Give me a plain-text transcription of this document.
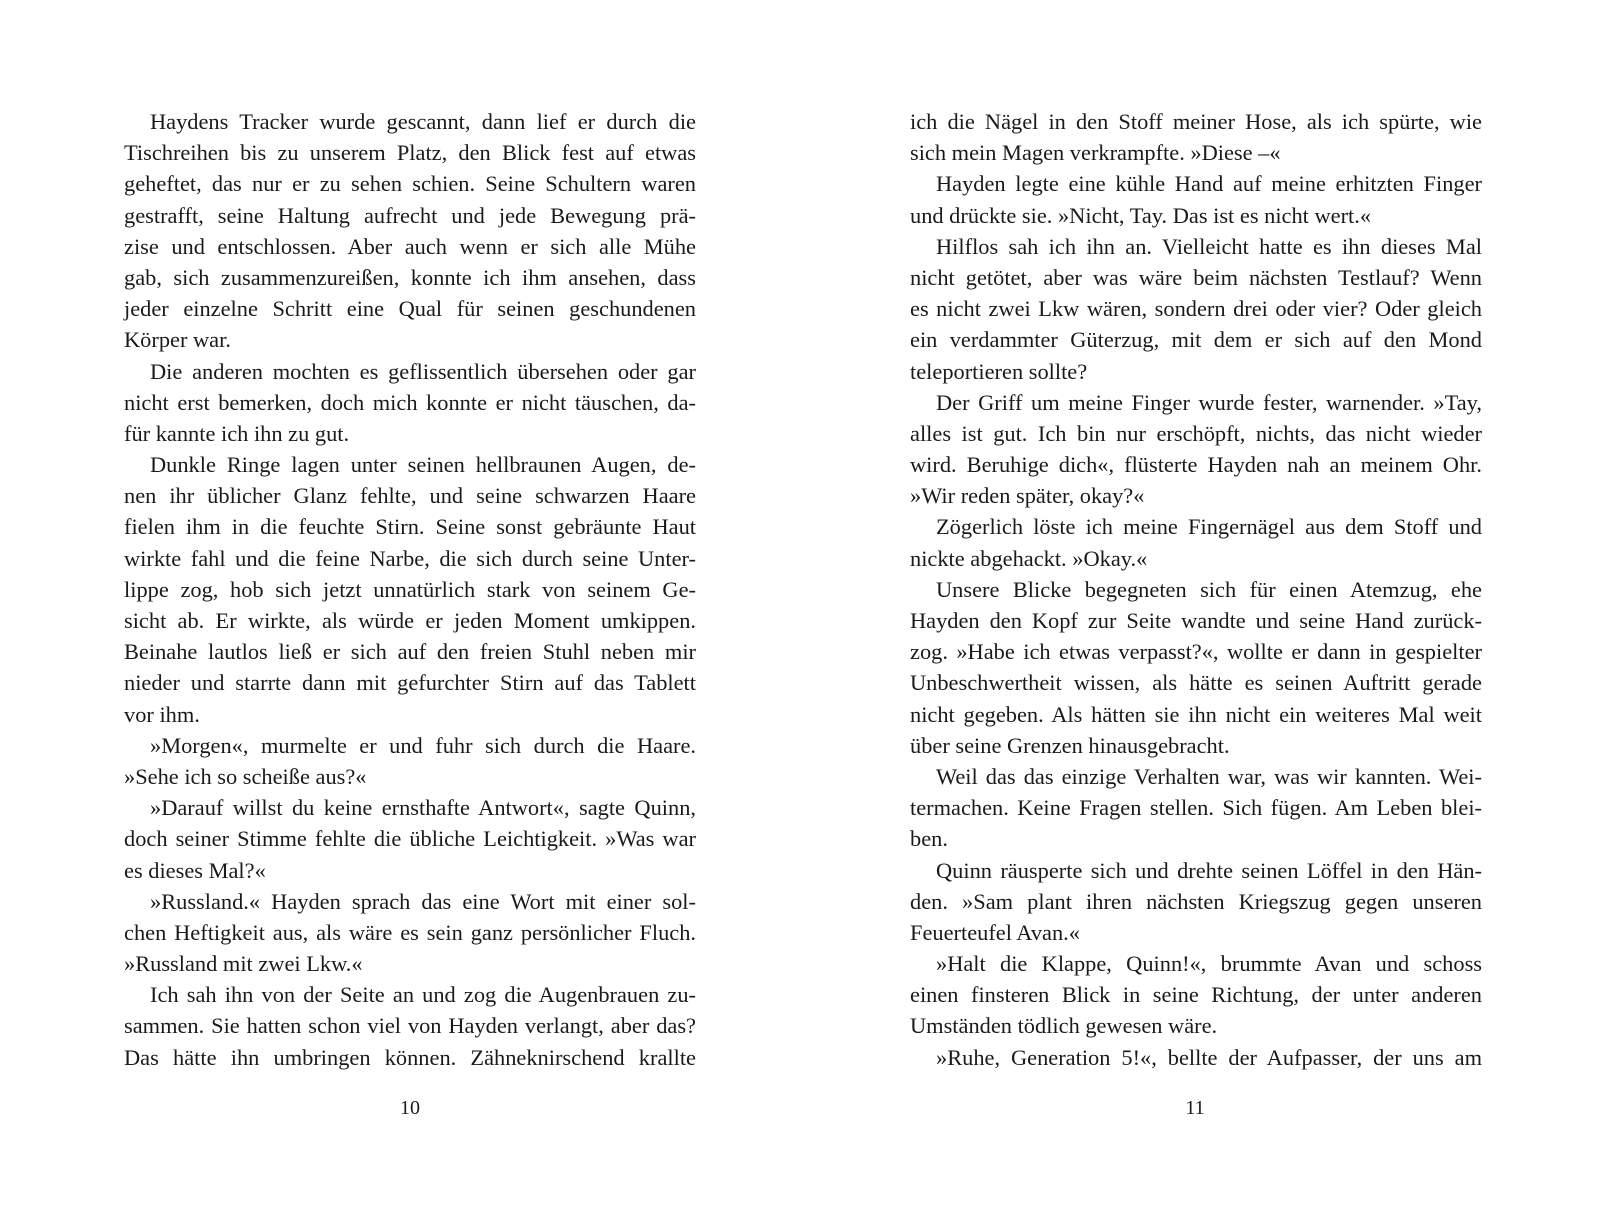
Haydens Tracker wurde gescannt, dann lief er durch die
Tischreihen bis zu unserem Platz, den Blick fest auf etwas
geheftet, das nur er zu sehen schien. Seine Schultern waren
gestrafft, seine Haltung aufrecht und jede Bewegung prä-
zise und entschlossen. Aber auch wenn er sich alle Mühe
gab, sich zusammenzureißen, konnte ich ihm ansehen, dass
jeder einzelne Schritt eine Qual für seinen geschundenen
Körper war.
Die anderen mochten es geflissentlich übersehen oder gar
nicht erst bemerken, doch mich konnte er nicht täuschen, da-
für kannte ich ihn zu gut.
Dunkle Ringe lagen unter seinen hellbraunen Augen, de-
nen ihr üblicher Glanz fehlte, und seine schwarzen Haare
fielen ihm in die feuchte Stirn. Seine sonst gebräunte Haut
wirkte fahl und die feine Narbe, die sich durch seine Unter-
lippe zog, hob sich jetzt unnatürlich stark von seinem Ge-
sicht ab. Er wirkte, als würde er jeden Moment umkippen.
Beinahe lautlos ließ er sich auf den freien Stuhl neben mir
nieder und starrte dann mit gefurchter Stirn auf das Tablett
vor ihm.
»Morgen«, murmelte er und fuhr sich durch die Haare.
»Sehe ich so scheiße aus?«
»Darauf willst du keine ernsthafte Antwort«, sagte Quinn,
doch seiner Stimme fehlte die übliche Leichtigkeit. »Was war
es dieses Mal?«
»Russland.« Hayden sprach das eine Wort mit einer sol-
chen Heftigkeit aus, als wäre es sein ganz persönlicher Fluch.
»Russland mit zwei Lkw.«
Ich sah ihn von der Seite an und zog die Augenbrauen zu-
sammen. Sie hatten schon viel von Hayden verlangt, aber das?
Das hätte ihn umbringen können. Zähneknirschend krallte
10
ich die Nägel in den Stoff meiner Hose, als ich spürte, wie
sich mein Magen verkrampfte. »Diese –«
Hayden legte eine kühle Hand auf meine erhitzten Finger
und drückte sie. »Nicht, Tay. Das ist es nicht wert.«
Hilflos sah ich ihn an. Vielleicht hatte es ihn dieses Mal
nicht getötet, aber was wäre beim nächsten Testlauf? Wenn
es nicht zwei Lkw wären, sondern drei oder vier? Oder gleich
ein verdammter Güterzug, mit dem er sich auf den Mond
teleportieren sollte?
Der Griff um meine Finger wurde fester, warnender. »Tay,
alles ist gut. Ich bin nur erschöpft, nichts, das nicht wieder
wird. Beruhige dich«, flüsterte Hayden nah an meinem Ohr.
»Wir reden später, okay?«
Zögerlich löste ich meine Fingernägel aus dem Stoff und
nickte abgehackt. »Okay.«
Unsere Blicke begegneten sich für einen Atemzug, ehe
Hayden den Kopf zur Seite wandte und seine Hand zurück-
zog. »Habe ich etwas verpasst?«, wollte er dann in gespielter
Unbeschwertheit wissen, als hätte es seinen Auftritt gerade
nicht gegeben. Als hätten sie ihn nicht ein weiteres Mal weit
über seine Grenzen hinausgebracht.
Weil das das einzige Verhalten war, was wir kannten. Wei-
termachen. Keine Fragen stellen. Sich fügen. Am Leben blei-
ben.
Quinn räusperte sich und drehte seinen Löffel in den Hän-
den. »Sam plant ihren nächsten Kriegszug gegen unseren
Feuerteufel Avan.«
»Halt die Klappe, Quinn!«, brummte Avan und schoss
einen finsteren Blick in seine Richtung, der unter anderen
Umständen tödlich gewesen wäre.
»Ruhe, Generation 5!«, bellte der Aufpasser, der uns am
11
